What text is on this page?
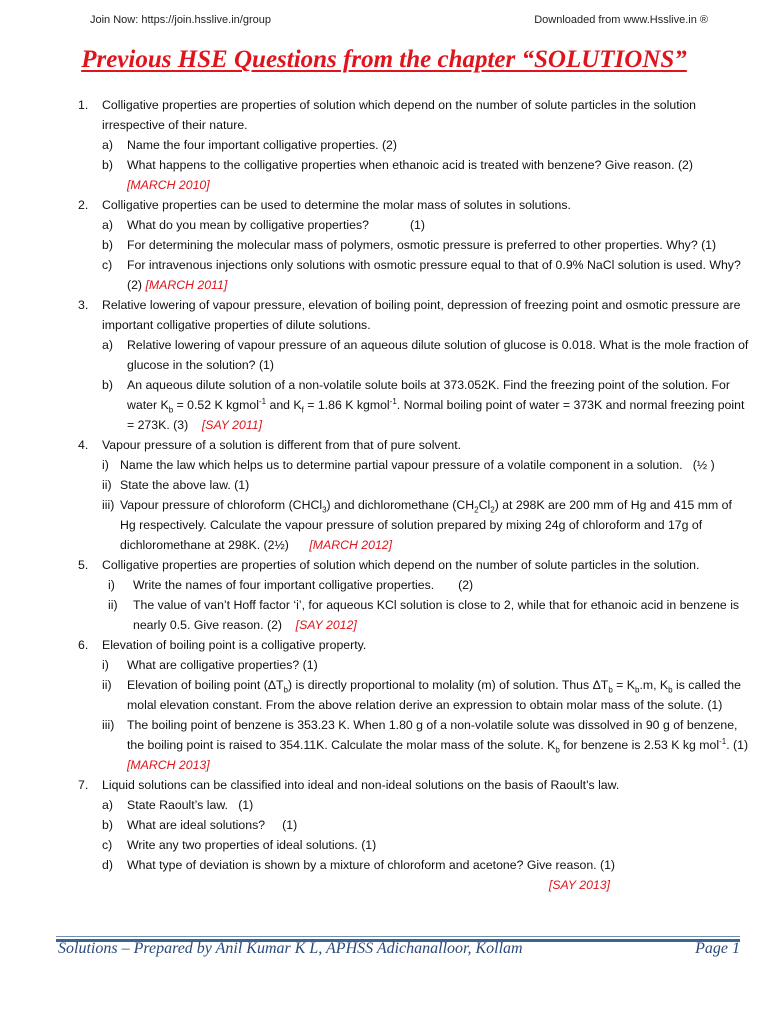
Join Now: https://join.hsslive.in/group	Downloaded from www.Hsslive.in ®
Previous HSE Questions from the chapter “SOLUTIONS”
1. Colligative properties are properties of solution which depend on the number of solute particles in the solution irrespective of their nature.
a) Name the four important colligative properties. (2)
b) What happens to the colligative properties when ethanoic acid is treated with benzene? Give reason. (2)
[MARCH 2010]
2. Colligative properties can be used to determine the molar mass of solutes in solutions.
a) What do you mean by colligative properties?            (1)
b) For determining the molecular mass of polymers, osmotic pressure is preferred to other properties. Why? (1)
c) For intravenous injections only solutions with osmotic pressure equal to that of 0.9% NaCl solution is used. Why? (2) [MARCH 2011]
3. Relative lowering of vapour pressure, elevation of boiling point, depression of freezing point and osmotic pressure are important colligative properties of dilute solutions.
a) Relative lowering of vapour pressure of an aqueous dilute solution of glucose is 0.018. What is the mole fraction of glucose in the solution? (1)
b) An aqueous dilute solution of a non-volatile solute boils at 373.052K. Find the freezing point of the solution. For water $K_b = 0.52$ K kgmol$^{-1}$ and $K_f = 1.86$ K kgmol$^{-1}$. Normal boiling point of water = 373K and normal freezing point = 273K. (3) [SAY 2011]
4. Vapour pressure of a solution is different from that of pure solvent.
i) Name the law which helps us to determine partial vapour pressure of a volatile component in a solution.   (½ )
ii) State the above law. (1)
iii) Vapour pressure of chloroform (CHCl$_3$) and dichloromethane $(CH_2Cl_2)$ at 298K are 200 mm of Hg and 415 mm of Hg respectively. Calculate the vapour pressure of solution prepared by mixing 24g of chloroform and 17g of dichloromethane at 298K. (2½) [MARCH 2012]
5. Colligative properties are properties of solution which depend on the number of solute particles in the solution.
i) Write the names of four important colligative properties.       (2)
ii) The value of van’t Hoff factor ‘i’, for aqueous KCl solution is close to 2, while that for ethanoic acid in benzene is nearly 0.5. Give reason. (2) [SAY 2012]
6. Elevation of boiling point is a colligative property.
i) What are colligative properties? (1)
ii) Elevation of boiling point $(\Delta T_b)$ is directly proportional to molality (m) of solution. Thus $\Delta T_b = K_b.m$, $K_b$ is called the molal elevation constant. From the above relation derive an expression to obtain molar mass of the solute. (1)
iii) The boiling point of benzene is 353.23 K. When 1.80 g of a non-volatile solute was dissolved in 90 g of benzene, the boiling point is raised to 354.11K. Calculate the molar mass of the solute. $K_b$ for benzene is 2.53 K kg mol$^{-1}$. (1) [MARCH 2013]
7. Liquid solutions can be classified into ideal and non-ideal solutions on the basis of Raoult’s law.
a) State Raoult’s law.   (1)
b) What are ideal solutions?     (1)
c) Write any two properties of ideal solutions. (1)
d) What type of deviation is shown by a mixture of chloroform and acetone? Give reason. (1)
[SAY 2013]
Solutions – Prepared by Anil Kumar K L, APHSS Adichanalloor, Kollam	Page 1
